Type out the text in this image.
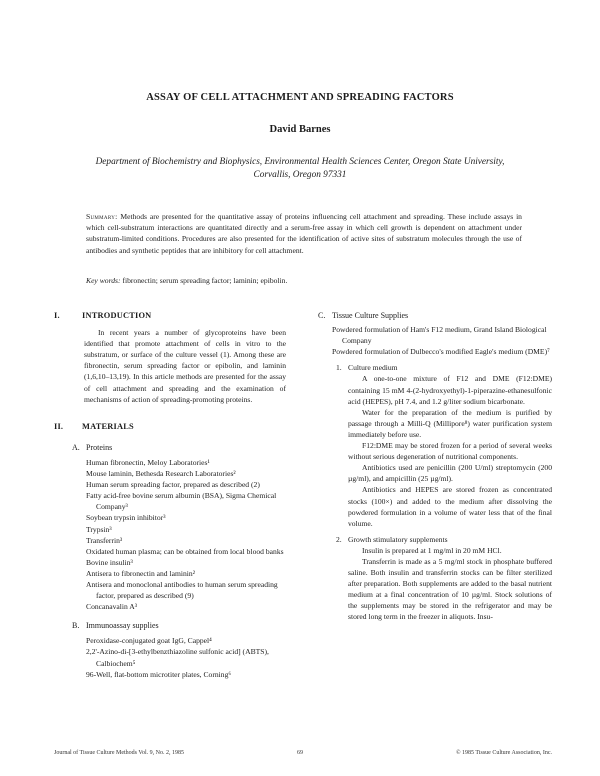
ASSAY OF CELL ATTACHMENT AND SPREADING FACTORS
David Barnes
Department of Biochemistry and Biophysics, Environmental Health Sciences Center, Oregon State University, Corvallis, Oregon 97331
Summary: Methods are presented for the quantitative assay of proteins influencing cell attachment and spreading. These include assays in which cell-substratum interactions are quantitated directly and a serum-free assay in which cell growth is dependent on attachment under substratum-limited conditions. Procedures are also presented for the identification of active sites of substratum molecules through the use of antibodies and synthetic peptides that are inhibitory for cell attachment.
Key words: fibronectin; serum spreading factor; laminin; epibolin.
I.	INTRODUCTION
In recent years a number of glycoproteins have been identified that promote attachment of cells in vitro to the substratum, or surface of the culture vessel (1). Among these are fibronectin, serum spreading factor or epibolin, and laminin (1,6,10–13,19). In this article methods are presented for the assay of cell attachment and spreading and the examination of mechanisms of action of spreading-promoting proteins.
II. MATERIALS
A. Proteins
Human fibronectin, Meloy Laboratories¹
Mouse laminin, Bethesda Research Laboratories²
Human serum spreading factor, prepared as described (2)
Fatty acid-free bovine serum albumin (BSA), Sigma Chemical Company³
Soybean trypsin inhibitor³
Trypsin³
Transferrin³
Oxidated human plasma; can be obtained from local blood banks
Bovine insulin³
Antisera to fibronectin and laminin²
Antisera and monoclonal antibodies to human serum spreading factor, prepared as described (9)
Concanavalin A³
B. Immunoassay supplies
Peroxidase-conjugated goat IgG, Cappel⁴
2,2'-Azino-di-[3-ethylbenzthiazoline sulfonic acid] (ABTS), Calbiochem⁵
96-Well, flat-bottom microtiter plates, Corning⁶
C. Tissue Culture Supplies
Powdered formulation of Ham's F12 medium, Grand Island Biological Company
Powdered formulation of Dulbecco's modified Eagle's medium (DME)⁷
1. Culture medium
A one-to-one mixture of F12 and DME (F12:DME) containing 15 mM 4-(2-hydroxyethyl)-1-piperazine-ethanesulfonic acid (HEPES), pH 7.4, and 1.2 g/liter sodium bicarbonate.
Water for the preparation of the medium is purified by passage through a Milli-Q (Millipore⁸) water purification system immediately before use.
F12:DME may be stored frozen for a period of several weeks without serious degeneration of nutritional components.
Antibiotics used are penicillin (200 U/ml) streptomycin (200 µg/ml), and ampicillin (25 µg/ml).
Antibiotics and HEPES are stored frozen as concentrated stocks (100×) and added to the medium after dissolving the powdered formulation in a volume of water less that of the final volume.
2. Growth stimulatory supplements
Insulin is prepared at 1 mg/ml in 20 mM HCl.
Transferrin is made as a 5 mg/ml stock in phosphate buffered saline. Both insulin and transferrin stocks can be filter sterilized after preparation. Both supplements are added to the basal nutrient medium at a final concentration of 10 µg/ml. Stock solutions of the supplements may be stored in the refrigerator and may be stored long term in the freezer in aliquots. Insu-
Journal of Tissue Culture Methods Vol. 9, No. 2, 1985	69	© 1985 Tissue Culture Association, Inc.
